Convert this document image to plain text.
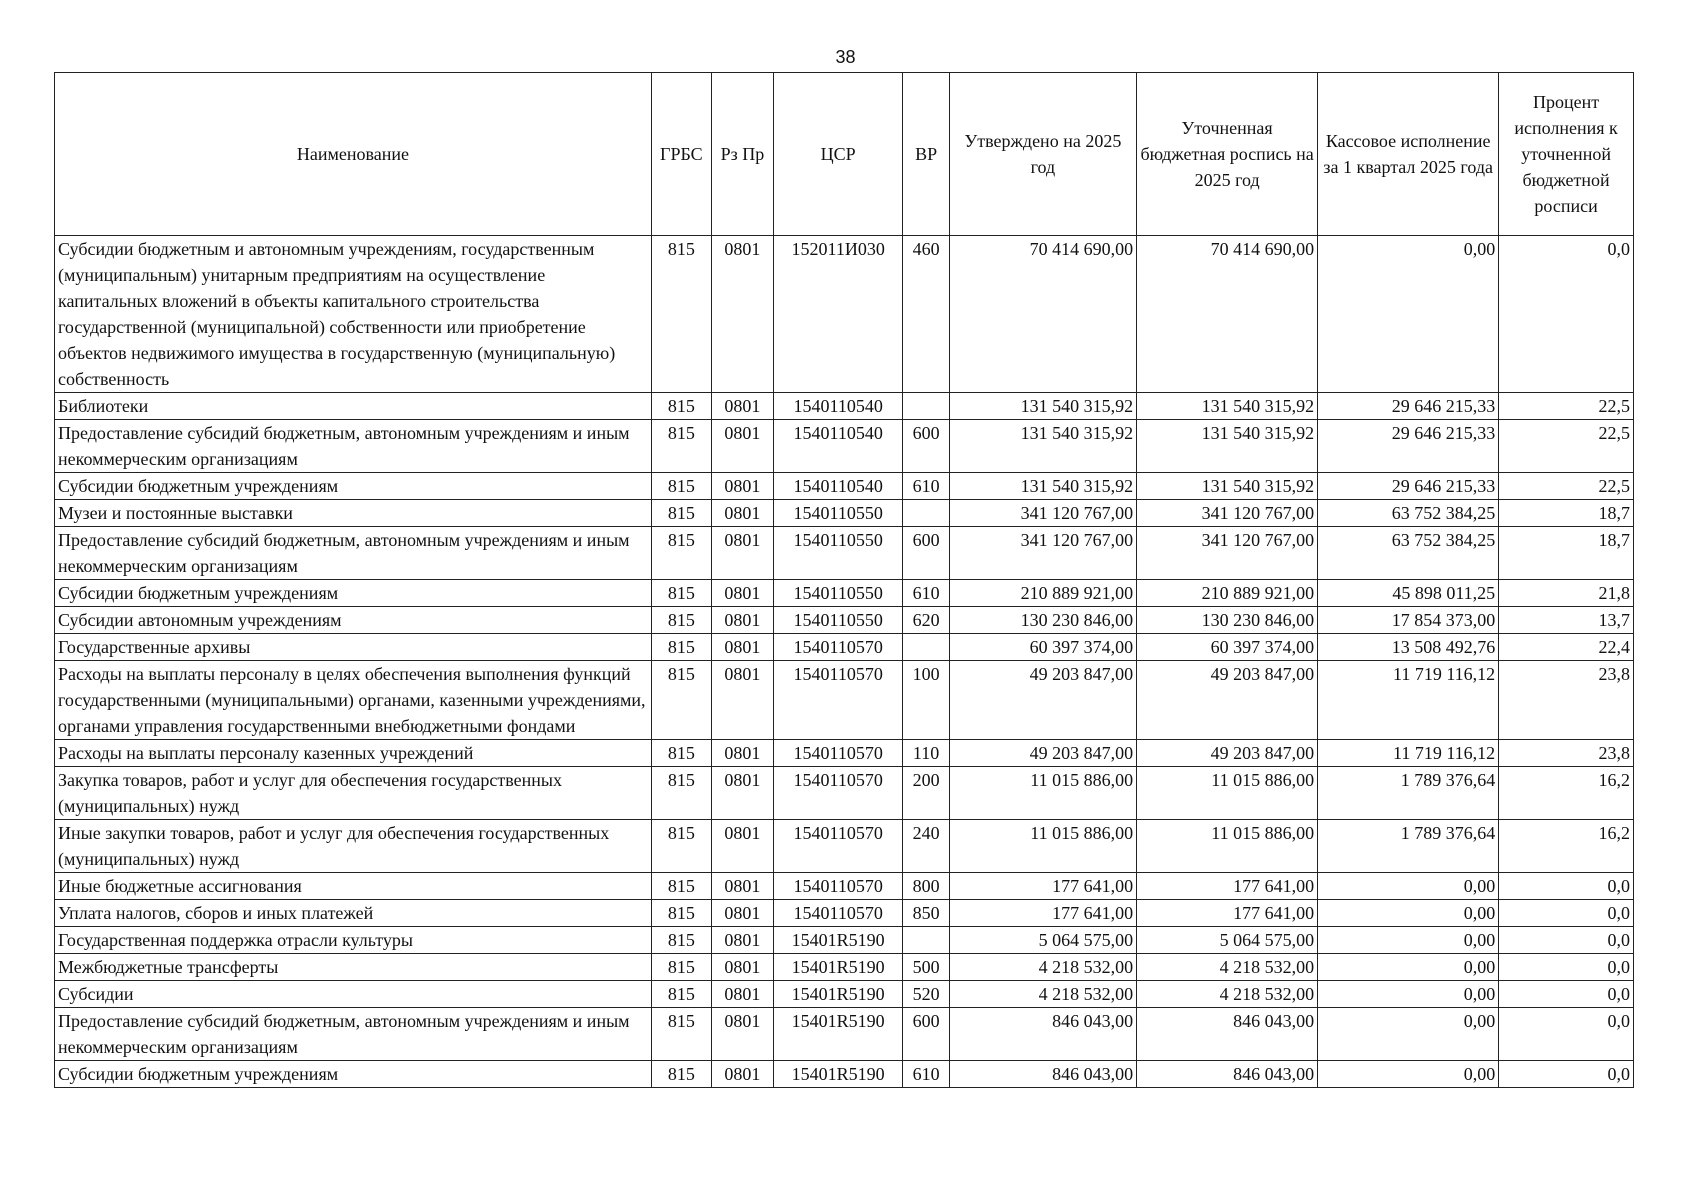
38
Наименование	ГРБС	Рз Пр	ЦСР	ВР	Утверждено на 2025 год	Уточненная бюджетная роспись на 2025 год	Кассовое исполнение за 1 квартал 2025 года	Процент исполнения к уточненной бюджетной росписи
Субсидии бюджетным и автономным учреждениям, государственным (муниципальным) унитарным предприятиям на осуществление капитальных вложений в объекты капитального строительства государственной (муниципальной) собственности или приобретение объектов недвижимого имущества в государственную (муниципальную) собственность	815	0801	152011И030	460	70 414 690,00	70 414 690,00	0,00	0,0
Библиотеки	815	0801	1540110540		131 540 315,92	131 540 315,92	29 646 215,33	22,5
Предоставление субсидий бюджетным, автономным учреждениям и иным некоммерческим организациям	815	0801	1540110540	600	131 540 315,92	131 540 315,92	29 646 215,33	22,5
Субсидии бюджетным учреждениям	815	0801	1540110540	610	131 540 315,92	131 540 315,92	29 646 215,33	22,5
Музеи и постоянные выставки	815	0801	1540110550		341 120 767,00	341 120 767,00	63 752 384,25	18,7
Предоставление субсидий бюджетным, автономным учреждениям и иным некоммерческим организациям	815	0801	1540110550	600	341 120 767,00	341 120 767,00	63 752 384,25	18,7
Субсидии бюджетным учреждениям	815	0801	1540110550	610	210 889 921,00	210 889 921,00	45 898 011,25	21,8
Субсидии автономным учреждениям	815	0801	1540110550	620	130 230 846,00	130 230 846,00	17 854 373,00	13,7
Государственные архивы	815	0801	1540110570		60 397 374,00	60 397 374,00	13 508 492,76	22,4
Расходы на выплаты персоналу в целях обеспечения выполнения функций государственными (муниципальными) органами, казенными учреждениями, органами управления государственными внебюджетными фондами	815	0801	1540110570	100	49 203 847,00	49 203 847,00	11 719 116,12	23,8
Расходы на выплаты персоналу казенных учреждений	815	0801	1540110570	110	49 203 847,00	49 203 847,00	11 719 116,12	23,8
Закупка товаров, работ и услуг для обеспечения государственных (муниципальных) нужд	815	0801	1540110570	200	11 015 886,00	11 015 886,00	1 789 376,64	16,2
Иные закупки товаров, работ и услуг для обеспечения государственных (муниципальных) нужд	815	0801	1540110570	240	11 015 886,00	11 015 886,00	1 789 376,64	16,2
Иные бюджетные ассигнования	815	0801	1540110570	800	177 641,00	177 641,00	0,00	0,0
Уплата налогов, сборов и иных платежей	815	0801	1540110570	850	177 641,00	177 641,00	0,00	0,0
Государственная поддержка отрасли культуры	815	0801	15401R5190		5 064 575,00	5 064 575,00	0,00	0,0
Межбюджетные трансферты	815	0801	15401R5190	500	4 218 532,00	4 218 532,00	0,00	0,0
Субсидии	815	0801	15401R5190	520	4 218 532,00	4 218 532,00	0,00	0,0
Предоставление субсидий бюджетным, автономным учреждениям и иным некоммерческим организациям	815	0801	15401R5190	600	846 043,00	846 043,00	0,00	0,0
Субсидии бюджетным учреждениям	815	0801	15401R5190	610	846 043,00	846 043,00	0,00	0,0
